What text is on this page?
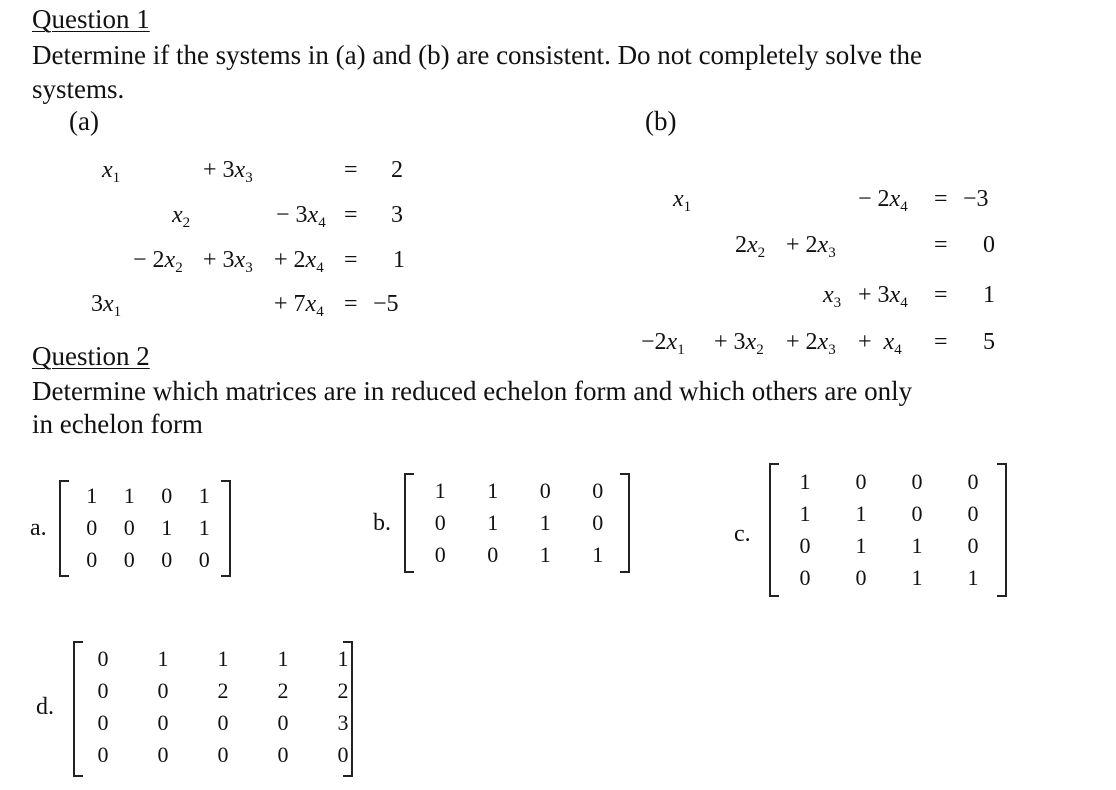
Question 1
Determine if the systems in (a) and (b) are consistent. Do not completely solve the
systems.
(a)	(b)
$x_1$	+ $3x_3$	= 2
$x_2$	− $3x_4 = 3$
− $2x_2 + 3x_3 + 2x_4 = 1$
$3x_1$	+ $7x_4 = -5$
$x_1$	− $2x_4 = -3$
$2x_2 + 2x_3$	= 0
$x_3 + 3x_4 = 1$
$-2x_1 + 3x_2 + 2x_3 + x_4 = 5$
Question 2
Determine which matrices are in reduced echelon form and which others are only
in echelon form
a.
1	1	0	1
0	0	1	1
0	0	0	0
b.
1	1	0	0
0	1	1	0
0	0	1	1
c.
1	0	0	0
1	1	0	0
0	1	1	0
0	0	1	1
d.
0	1	1	1	1
0	0	2	2	2
0	0	0	0	3
0	0	0	0	0
